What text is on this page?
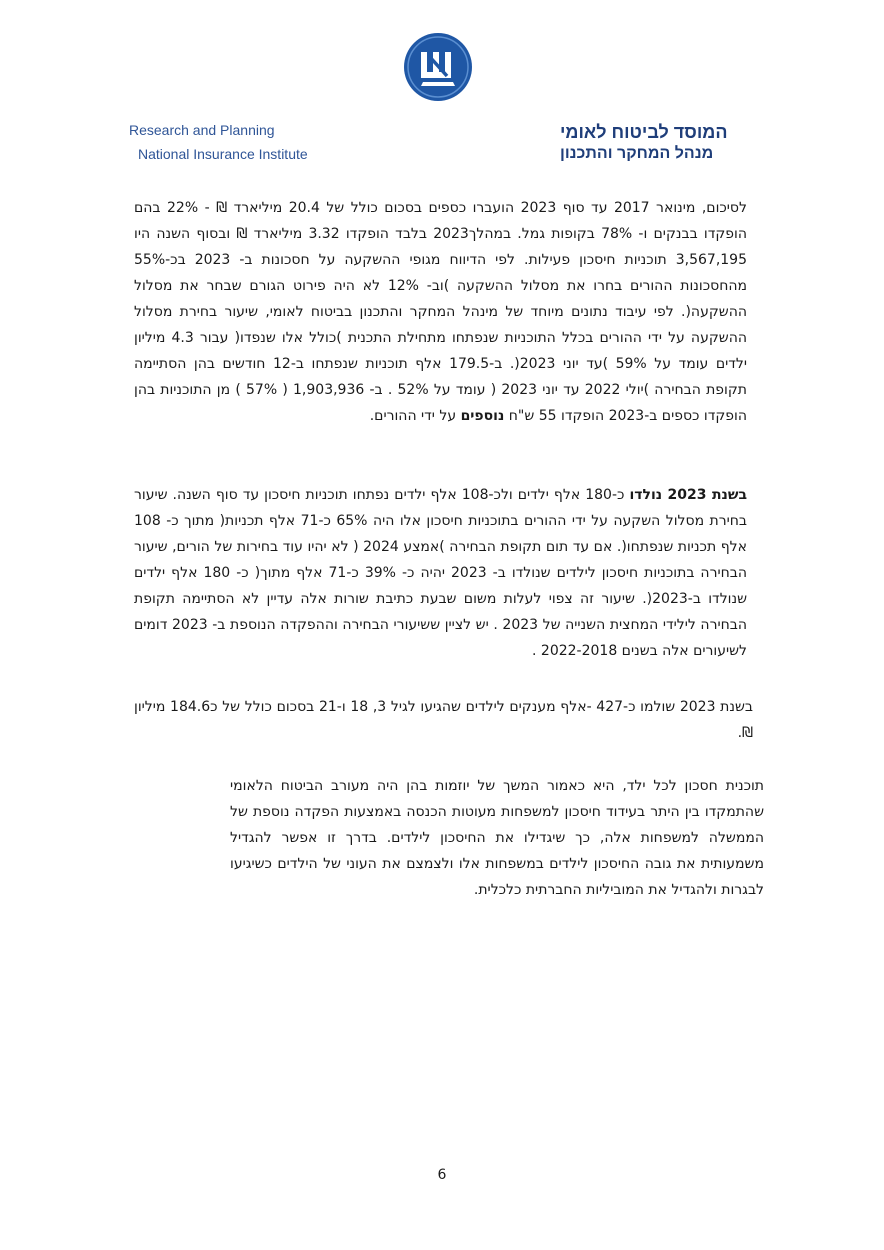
Research and Planning
National Insurance Institute
המוסד לביטוח לאומי
מנהל המחקר והתכנון
לסיכום, מינואר 2017 עד סוף 2023 הועברו כספים בסכום כולל של 20.4 מיליארד ₪ - 22% בהם הופקדו בבנקים ו- 78% בקופות גמל. במהלך2023 בלבד הופקדו 3.32 מיליארד ₪ ובסוף השנה היו 3,567,195 תוכניות חיסכון פעילות. לפי הדיווח מגופי ההשקעה על חסכונות ב- 2023 בכ-55% מהחסכונות ההורים בחרו את מסלול ההשקעה )וב- 12% לא היה פירוט הגורם שבחר את מסלול ההשקעה(. לפי עיבוד נתונים מיוחד של מינהל המחקר והתכנון בביטוח לאומי, שיעור בחירת מסלול ההשקעה על ידי ההורים בכלל התוכניות שנפתחו מתחילת התכנית )כולל אלו שנפדו( עבור 4.3 מיליון ילדים עומד על 59% )עד יוני 2023(. ב-179.5 אלף תוכניות שנפתחו ב-12 חודשים בהן הסתיימה תקופת הבחירה )יולי 2022 עד יוני 2023 ( עומד על 52% . ב- 1,903,936 ( 57% ) מן התוכניות בהן הופקדו כספים ב-2023 הופקדו 55 ש"ח נוספים על ידי ההורים.
בשנת 2023 נולדו כ-180 אלף ילדים ולכ-108 אלף ילדים נפתחו תוכניות חיסכון עד סוף השנה. שיעור בחירת מסלול השקעה על ידי ההורים בתוכניות חיסכון אלו היה 65% כ-71 אלף תכניות( מתוך כ- 108 אלף תכניות שנפתחו(. אם עד תום תקופת הבחירה )אמצע 2024 ( לא יהיו עוד בחירות של הורים, שיעור הבחירה בתוכניות חיסכון לילדים שנולדו ב- 2023 יהיה כ- 39% כ-71 אלף מתוך( כ- 180 אלף ילדים שנולדו ב-2023(. שיעור זה צפוי לעלות משום שבעת כתיבת שורות אלה עדיין לא הסתיימה תקופת הבחירה לילידי המחצית השנייה של 2023 . יש לציין ששיעורי הבחירה וההפקדה הנוספת ב- 2023 דומים לשיעורים אלה בשנים 2022-2018 .
בשנת 2023 שולמו כ-427 -אלף מענקים לילדים שהגיעו לגיל 3, 18 ו-21 בסכום כולל של כ184.6 מיליון ₪.
תוכנית חסכון לכל ילד, היא כאמור המשך של יוזמות בהן היה מעורב הביטוח הלאומי שהתמקדו בין היתר בעידוד חיסכון למשפחות מעוטות הכנסה באמצעות הפקדה נוספת של הממשלה למשפחות אלה, כך שיגדילו את החיסכון לילדים. בדרך זו אפשר להגדיל משמעותית את גובה החיסכון לילדים במשפחות אלו ולצמצם את העוני של הילדים כשיגיעו לבגרות ולהגדיל את המוביליות החברתית כלכלית.
6
